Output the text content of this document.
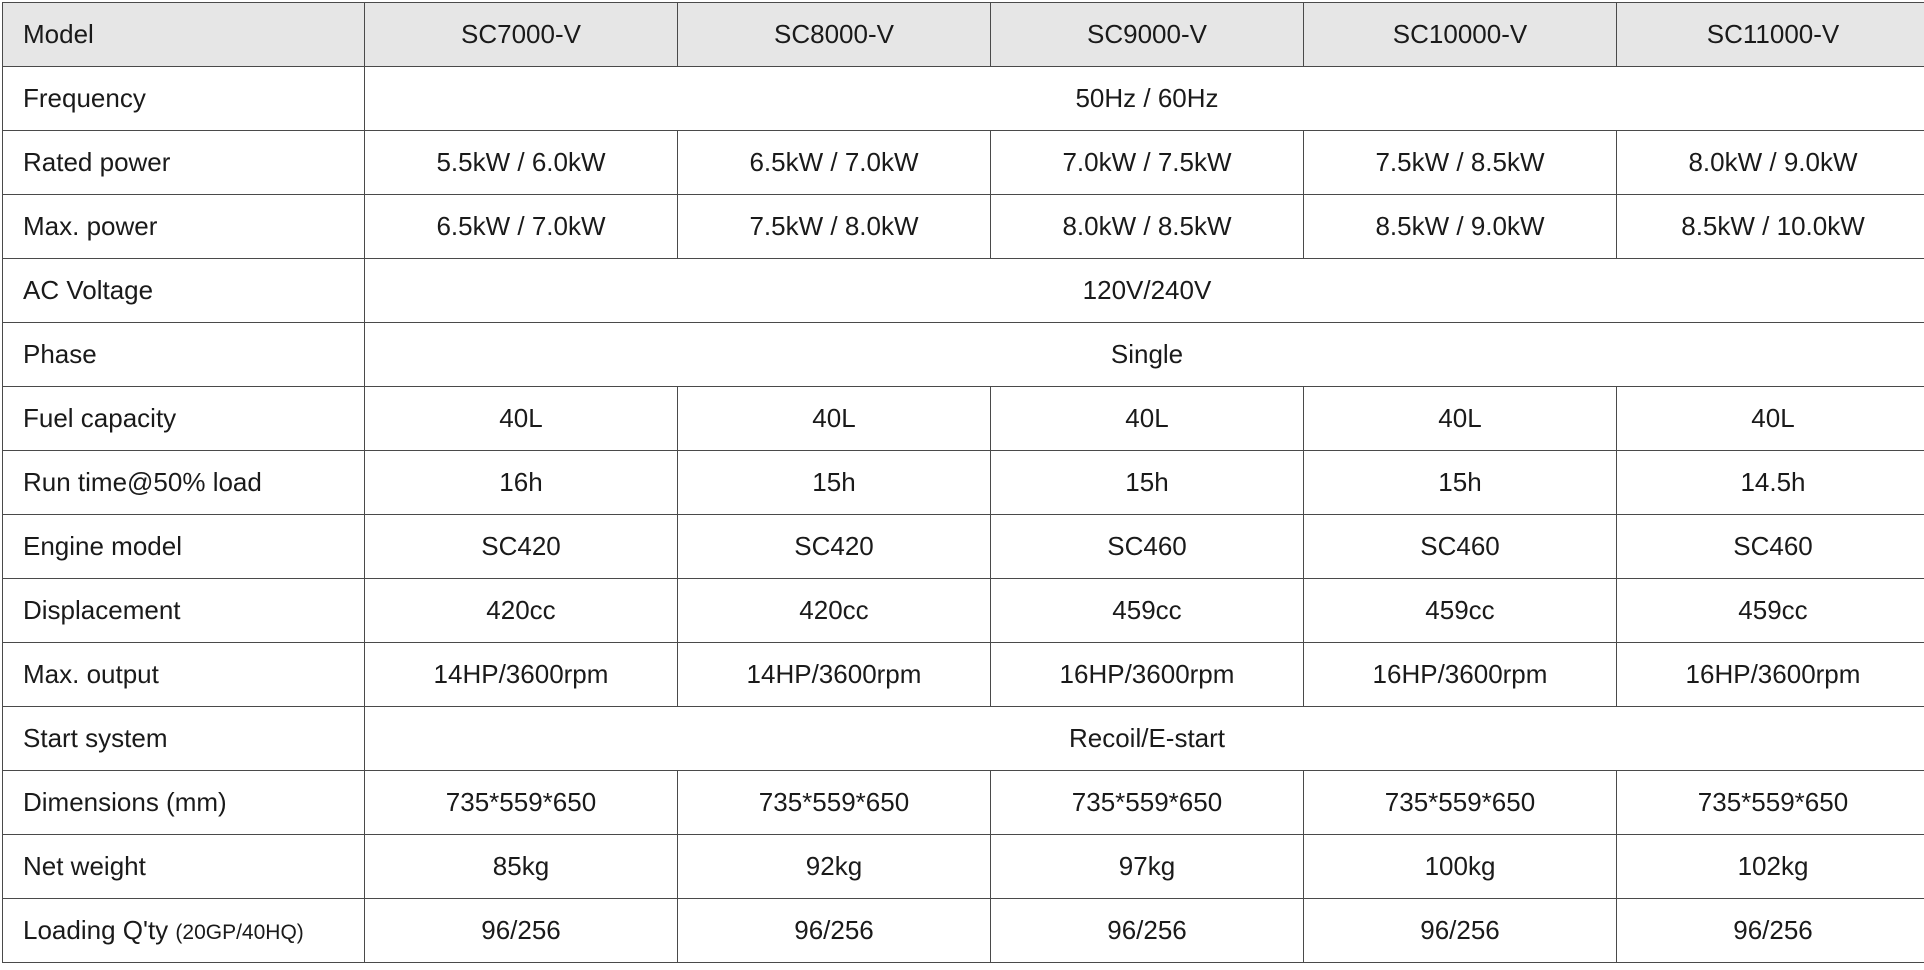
Model	SC7000-V	SC8000-V	SC9000-V	SC10000-V	SC11000-V
Frequency	50Hz / 60Hz				
Rated power	5.5kW / 6.0kW	6.5kW / 7.0kW	7.0kW / 7.5kW	7.5kW / 8.5kW	8.0kW / 9.0kW
Max. power	6.5kW / 7.0kW	7.5kW / 8.0kW	8.0kW / 8.5kW	8.5kW / 9.0kW	8.5kW / 10.0kW
AC Voltage	120V/240V				
Phase	Single				
Fuel capacity	40L	40L	40L	40L	40L
Run time@50% load	16h	15h	15h	15h	14.5h
Engine model	SC420	SC420	SC460	SC460	SC460
Displacement	420cc	420cc	459cc	459cc	459cc
Max. output	14HP/3600rpm	14HP/3600rpm	16HP/3600rpm	16HP/3600rpm	16HP/3600rpm
Start system	Recoil/E-start				
Dimensions (mm)	735*559*650	735*559*650	735*559*650	735*559*650	735*559*650
Net weight	85kg	92kg	97kg	100kg	102kg
Loading Q'ty (20GP/40HQ)	96/256	96/256	96/256	96/256	96/256
